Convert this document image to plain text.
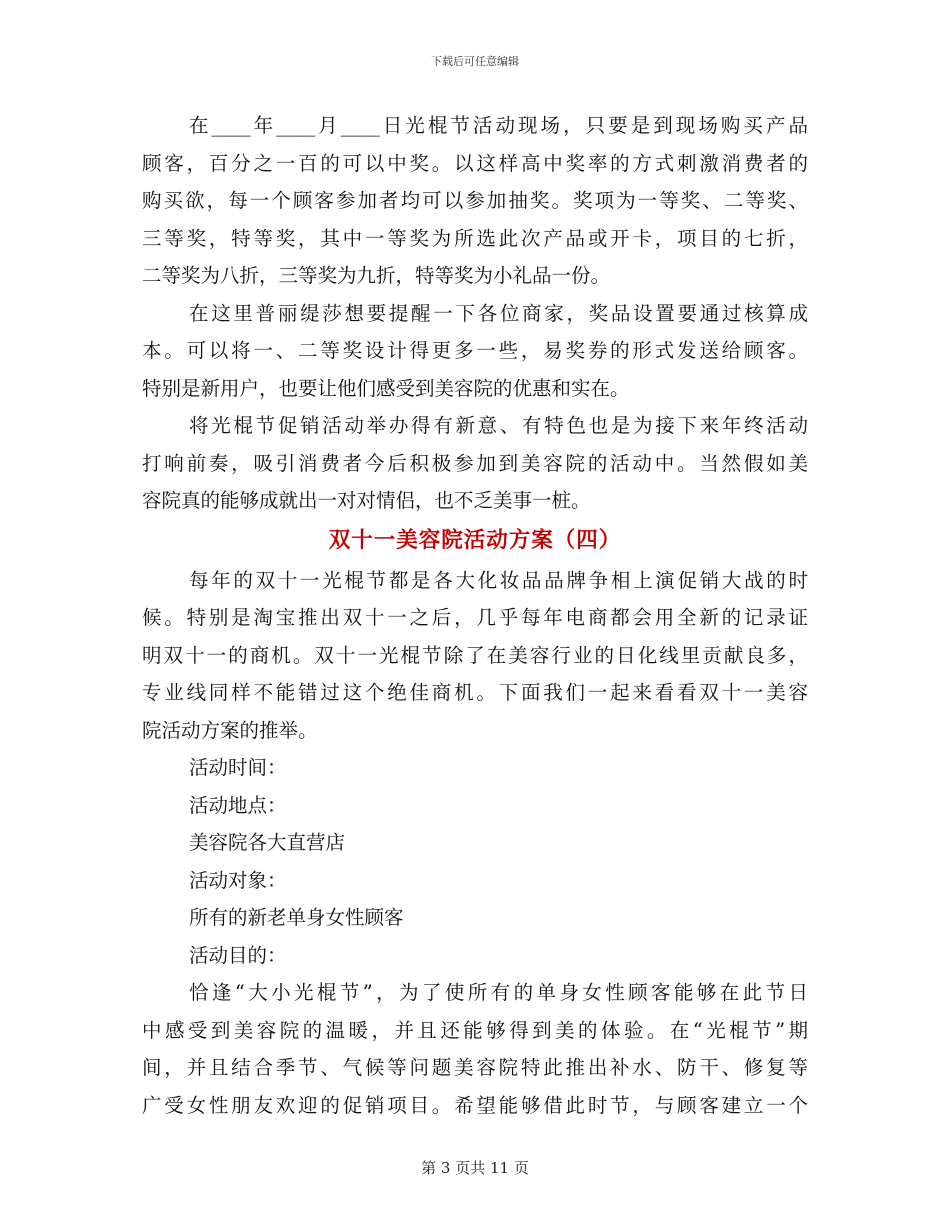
下载后可任意编辑
在____年____月____日光棍节活动现场，只要是到现场购买产品
顾客，百分之一百的可以中奖。以这样高中奖率的方式刺激消费者的
购买欲，每一个顾客参加者均可以参加抽奖。奖项为一等奖、二等奖、
三等奖，特等奖，其中一等奖为所选此次产品或开卡，项目的七折，
二等奖为八折，三等奖为九折，特等奖为小礼品一份。
在这里普丽缇莎想要提醒一下各位商家，奖品设置要通过核算成
本。可以将一、二等奖设计得更多一些，易奖券的形式发送给顾客。
特别是新用户，也要让他们感受到美容院的优惠和实在。
将光棍节促销活动举办得有新意、有特色也是为接下来年终活动
打响前奏，吸引消费者今后积极参加到美容院的活动中。当然假如美
容院真的能够成就出一对对情侣，也不乏美事一桩。
双十一美容院活动方案（四）
每年的双十一光棍节都是各大化妆品品牌争相上演促销大战的时
候。特别是淘宝推出双十一之后，几乎每年电商都会用全新的记录证
明双十一的商机。双十一光棍节除了在美容行业的日化线里贡献良多，
专业线同样不能错过这个绝佳商机。下面我们一起来看看双十一美容
院活动方案的推举。
活动时间：
活动地点：
美容院各大直营店
活动对象：
所有的新老单身女性顾客
活动目的：
恰逢“大小光棍节”，为了使所有的单身女性顾客能够在此节日
中感受到美容院的温暖，并且还能够得到美的体验。在“光棍节”期
间，并且结合季节、气候等问题美容院特此推出补水、防干、修复等
广受女性朋友欢迎的促销项目。希望能够借此时节，与顾客建立一个
第 3 页共 11 页
